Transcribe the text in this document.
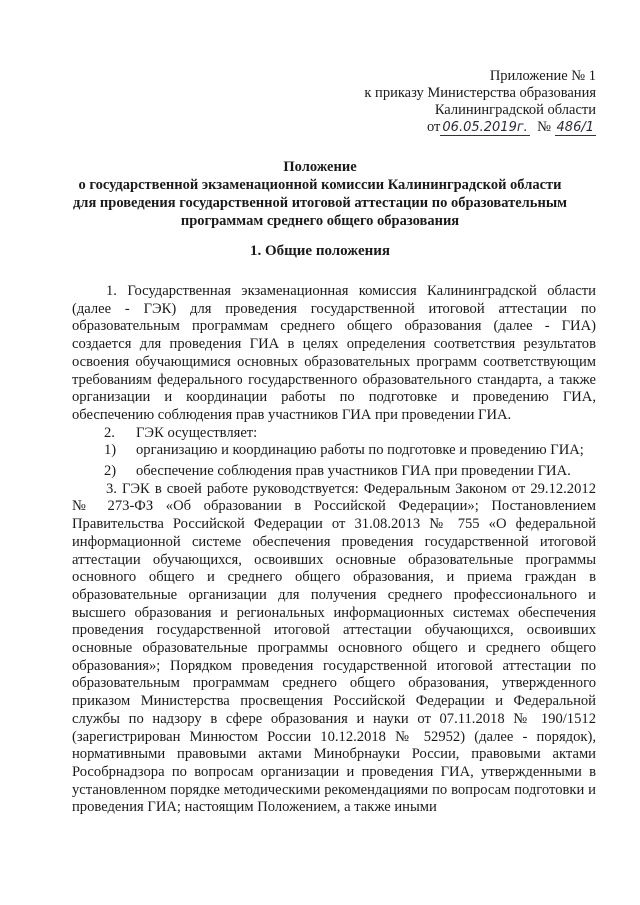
Приложение № 1
к приказу Министерства образования
Калининградской области
от 06.05.2019г. № 486/1
Положение
о государственной экзаменационной комиссии Калининградской области
для проведения государственной итоговой аттестации по образовательным
программам среднего общего образования
1. Общие положения

1. Государственная экзаменационная комиссия Калининградской области (далее - ГЭК) для проведения государственной итоговой аттестации по образовательным программам среднего общего образования (далее - ГИА) создается для проведения ГИА в целях определения соответствия результатов освоения обучающимися основных образовательных программ соответствующим требованиям федерального государственного образовательного стандарта, а также организации и координации работы по подготовке и проведению ГИА, обеспечению соблюдения прав участников ГИА при проведении ГИА.

2. ГЭК осуществляет:
1) организацию и координацию работы по подготовке и проведению ГИА;
2) обеспечение соблюдения прав участников ГИА при проведении ГИА.

3. ГЭК в своей работе руководствуется: Федеральным Законом от 29.12.2012 № 273-ФЗ «Об образовании в Российской Федерации»; Постановлением Правительства Российской Федерации от 31.08.2013 № 755 «О федеральной информационной системе обеспечения проведения государственной итоговой аттестации обучающихся, освоивших основные образовательные программы основного общего и среднего общего образования, и приема граждан в образовательные организации для получения среднего профессионального и высшего образования и региональных информационных системах обеспечения проведения государственной итоговой аттестации обучающихся, освоивших основные образовательные программы основного общего и среднего общего образования»; Порядком проведения государственной итоговой аттестации по образовательным программам среднего общего образования, утвержденного приказом Министерства просвещения Российской Федерации и Федеральной службы по надзору в сфере образования и науки от 07.11.2018 № 190/1512 (зарегистрирован Минюстом России 10.12.2018 № 52952) (далее - порядок), нормативными правовыми актами Минобрнауки России, правовыми актами Рособрнадзора по вопросам организации и проведения ГИА, утвержденными в установленном порядке методическими рекомендациями по вопросам подготовки и проведения ГИА; настоящим Положением, а также иными
